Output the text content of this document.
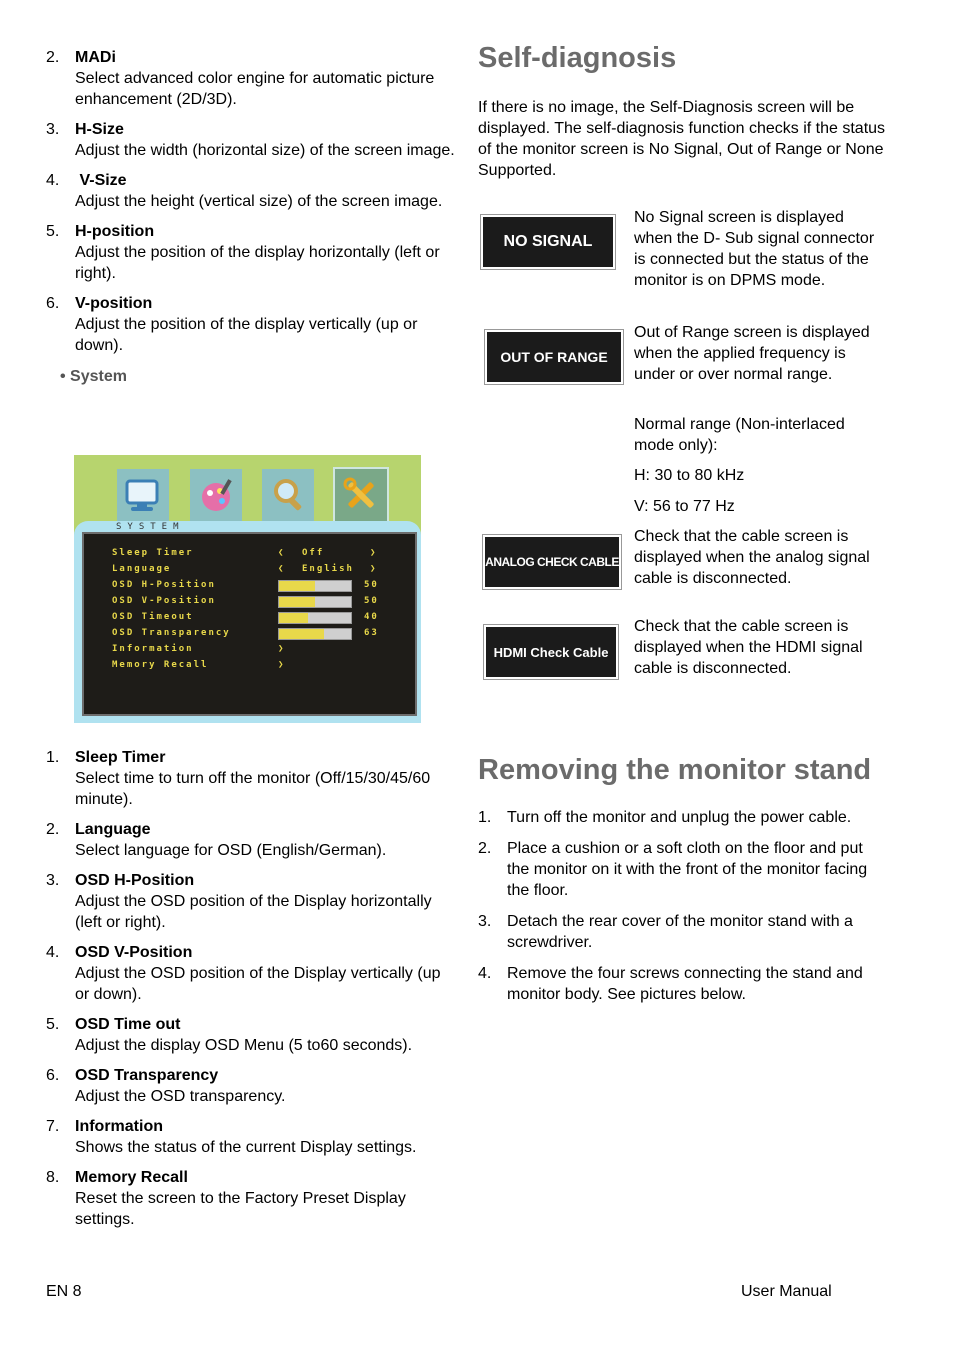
2. MADi
Select advanced color engine for automatic picture enhancement (2D/3D).
3. H-Size
Adjust the width (horizontal size) of the screen image.
4. V-Size
Adjust the height (vertical size) of the screen image.
5. H-position
Adjust the position of the display horizontally (left or right).
6. V-position
Adjust the position of the display vertically (up or down).
• System
SYSTEM
Sleep Timer	❮ Off	❯
Language	❮ English ❯
OSD H-Position	50
OSD V-Position	50
OSD Timeout	40
OSD Transparency	63
Information	❯
Memory Recall	❯
1. Sleep Timer
Select time to turn off the monitor (Off/15/30/45/60 minute).
2. Language
Select language for OSD (English/German).
3. OSD H-Position
Adjust the OSD position of the Display horizontally (left or right).
4. OSD V-Position
Adjust the OSD position of the Display vertically (up or down).
5. OSD Time out
Adjust the display OSD Menu (5 to60 seconds).
6. OSD Transparency
Adjust the OSD transparency.
7. Information
Shows the status of the current Display settings.
8. Memory Recall
Reset the screen to the Factory Preset Display settings.
Self-diagnosis
If there is no image, the Self-Diagnosis screen will be displayed. The self-diagnosis function checks if the status of the monitor screen is No Signal, Out of Range or None Supported.
NO SIGNAL
No Signal screen is displayed when the D- Sub signal connector is connected but the status of the monitor is on DPMS mode.
OUT OF RANGE
Out of Range screen is displayed when the applied frequency is under or over normal range.
Normal range (Non-interlaced mode only):
H: 30 to 80 kHz
V: 56 to 77 Hz
ANALOG CHECK CABLE
Check that the cable screen is displayed when the analog signal cable is disconnected.
HDMI Check Cable
Check that the cable screen is displayed when the HDMI signal cable is disconnected.
Removing the monitor stand
1. Turn off the monitor and unplug the power cable.
2. Place a cushion or a soft cloth on the floor and put the monitor on it with the front of the monitor facing the floor.
3. Detach the rear cover of the monitor stand with a screwdriver.
4. Remove the four screws connecting the stand and monitor body. See pictures below.
EN 8	User Manual
